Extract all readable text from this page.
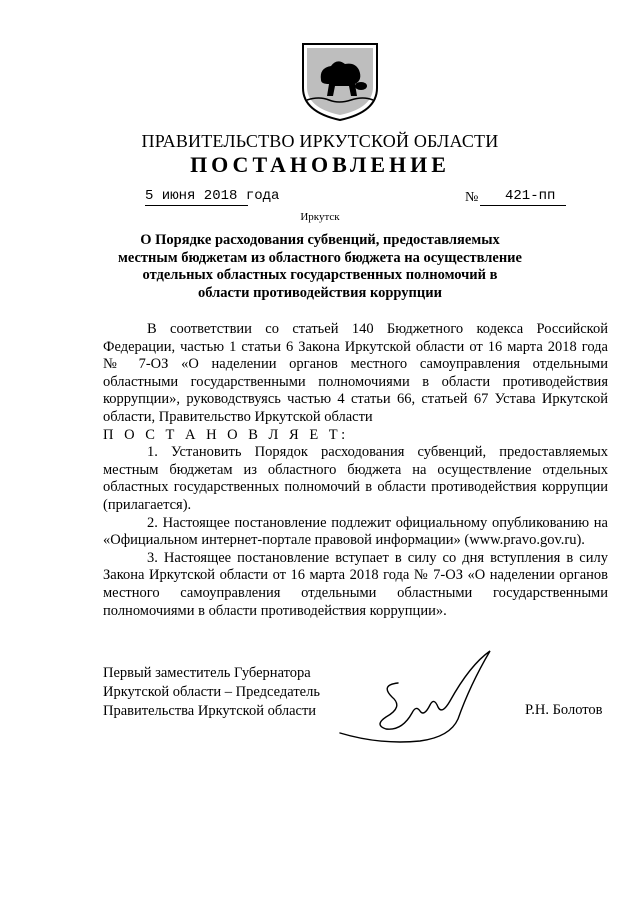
ПРАВИТЕЛЬСТВО ИРКУТСКОЙ ОБЛАСТИ
ПОСТАНОВЛЕНИЕ
5 июня 2018 года	№ 421-пп
Иркутск
О Порядке расходования субвенций, предоставляемых местным бюджетам из областного бюджета на осуществление отдельных областных государственных полномочий в области противодействия коррупции

В соответствии со статьей 140 Бюджетного кодекса Российской Федерации, частью 1 статьи 6 Закона Иркутской области от 16 марта 2018 года № 7-ОЗ «О наделении органов местного самоуправления отдельными областными государственными полномочиями в области противодействия коррупции», руководствуясь частью 4 статьи 66, статьей 67 Устава Иркутской области, Правительство Иркутской области

П О С Т А Н О В Л Я Е Т:

1. Установить Порядок расходования субвенций, предоставляемых местным бюджетам из областного бюджета на осуществление отдельных областных государственных полномочий в области противодействия коррупции (прилагается).

2. Настоящее постановление подлежит официальному опубликованию на «Официальном интернет-портале правовой информации» (www.pravo.gov.ru).

3. Настоящее постановление вступает в силу со дня вступления в силу Закона Иркутской области от 16 марта 2018 года № 7-ОЗ «О наделении органов местного самоуправления отдельными областными государственными полномочиями в области противодействия коррупции».

Первый заместитель Губернатора
Иркутской области – Председатель
Правительства Иркутской области	Р.Н. Болотов
